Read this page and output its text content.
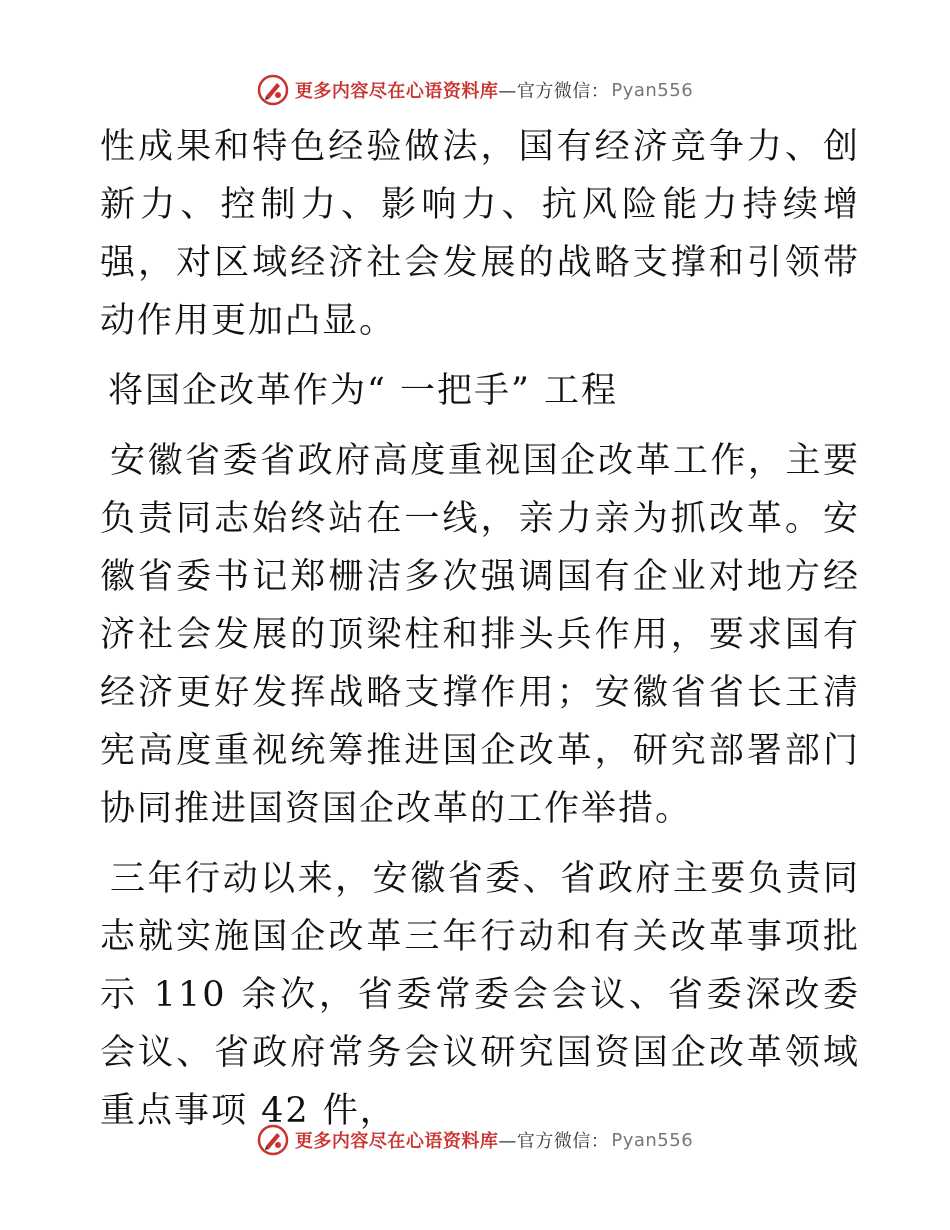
更多内容尽在心语资料库 —官方微信： Pyan556

性成果和特色经验做法，国有经济竞争力、创新力、控制力、影响力、抗风险能力持续增强，对区域经济社会发展的战略支撑和引领带动作用更加凸显。

将国企改革作为“ 一把手” 工程

安徽省委省政府高度重视国企改革工作，主要负责同志始终站在一线，亲力亲为抓改革。安徽省委书记郑栅洁多次强调国有企业对地方经济社会发展的顶梁柱和排头兵作用，要求国有经济更好发挥战略支撑作用；安徽省省长王清宪高度重视统筹推进国企改革，研究部署部门协同推进国资国企改革的工作举措。

三年行动以来，安徽省委、省政府主要负责同志就实施国企改革三年行动和有关改革事项批示 110 余次，省委常委会会议、省委深改委会议、省政府常务会议研究国资国企改革领域重点事项 42 件，

更多内容尽在心语资料库 —官方微信： Pyan556
